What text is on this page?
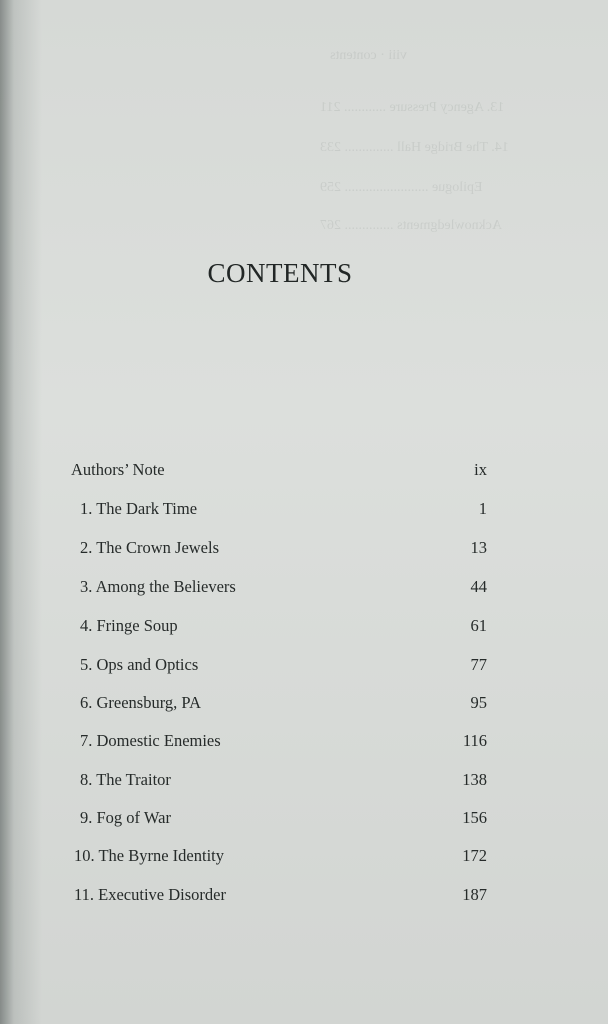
viii · contents
13. Agency Pressure ............ 211
14. The Bridge Hall .............. 233
Epilogue ........................ 259
Acknowledgments .............. 267
CONTENTS
Authors’ Note	ix
1. The Dark Time	1
2. The Crown Jewels	13
3. Among the Believers	44
4. Fringe Soup	61
5. Ops and Optics	77
6. Greensburg, PA	95
7. Domestic Enemies	116
8. The Traitor	138
9. Fog of War	156
10. The Byrne Identity	172
11. Executive Disorder	187
